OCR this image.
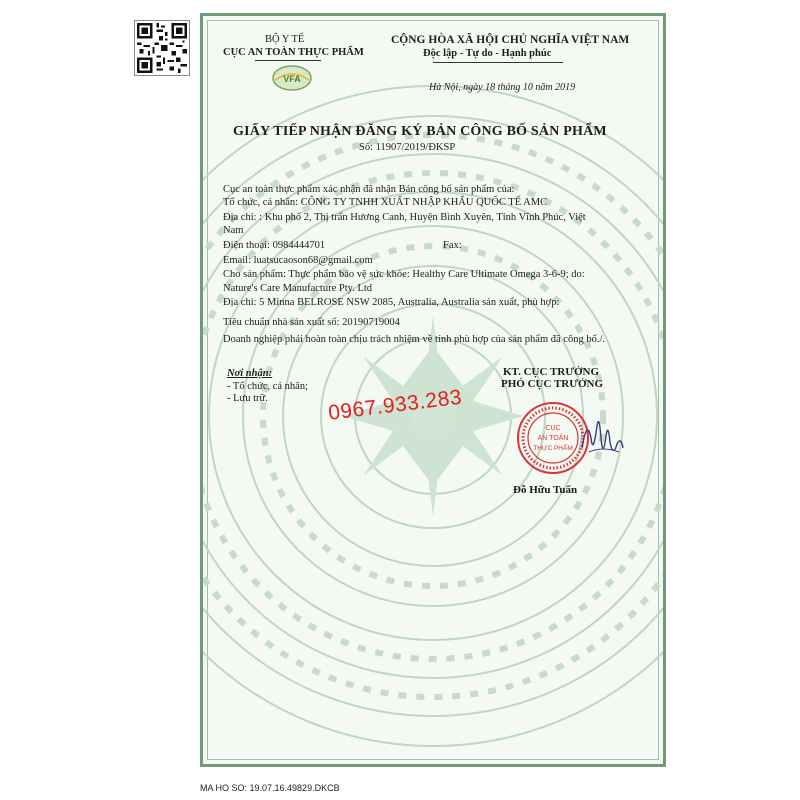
BỘ Y TẾ
CỤC AN TOÀN THỰC PHẨM
VFA
CỘNG HÒA XÃ HỘI CHỦ NGHĨA VIỆT NAM
Độc lập - Tự do - Hạnh phúc
Hà Nội, ngày 18 tháng 10 năm 2019
GIẤY TIẾP NHẬN ĐĂNG KÝ BẢN CÔNG BỐ SẢN PHẨM
Số: 11907/2019/ĐKSP
Cục an toàn thực phẩm xác nhận đã nhận Bản công bố sản phẩm của:
Tổ chức, cá nhân: CÔNG TY TNHH XUẤT NHẬP KHẨU QUỐC TẾ AMC
Địa chỉ: : Khu phố 2, Thị trấn Hương Canh, Huyện Bình Xuyên, Tỉnh Vĩnh Phúc, Việt
Nam
Điện thoại: 0984444701	Fax:
Email: luatsucaoson68@gmail.com
Cho sản phẩm: Thực phẩm bảo vệ sức khỏe: Healthy Care Ultimate Omega 3-6-9; do:
Nature's Care Manufacture Pty. Ltd
Địa chỉ: 5 Minna BELROSE NSW 2085, Australia, Australia sản xuất, phù hợp:
Tiêu chuẩn nhà sản xuất số: 20190719004
Doanh nghiệp phải hoàn toàn chịu trách nhiệm về tính phù hợp của sản phẩm đã công bố./.
Nơi nhận:
- Tổ chức, cá nhân;
- Lưu trữ.
KT. CỤC TRƯỞNG
PHÓ CỤC TRƯỞNG
0967.933.283
CỤC
AN TOÀN
THỰC PHẨM
Đỗ Hữu Tuấn
MA HO SO: 19.07.16.49829.DKCB
